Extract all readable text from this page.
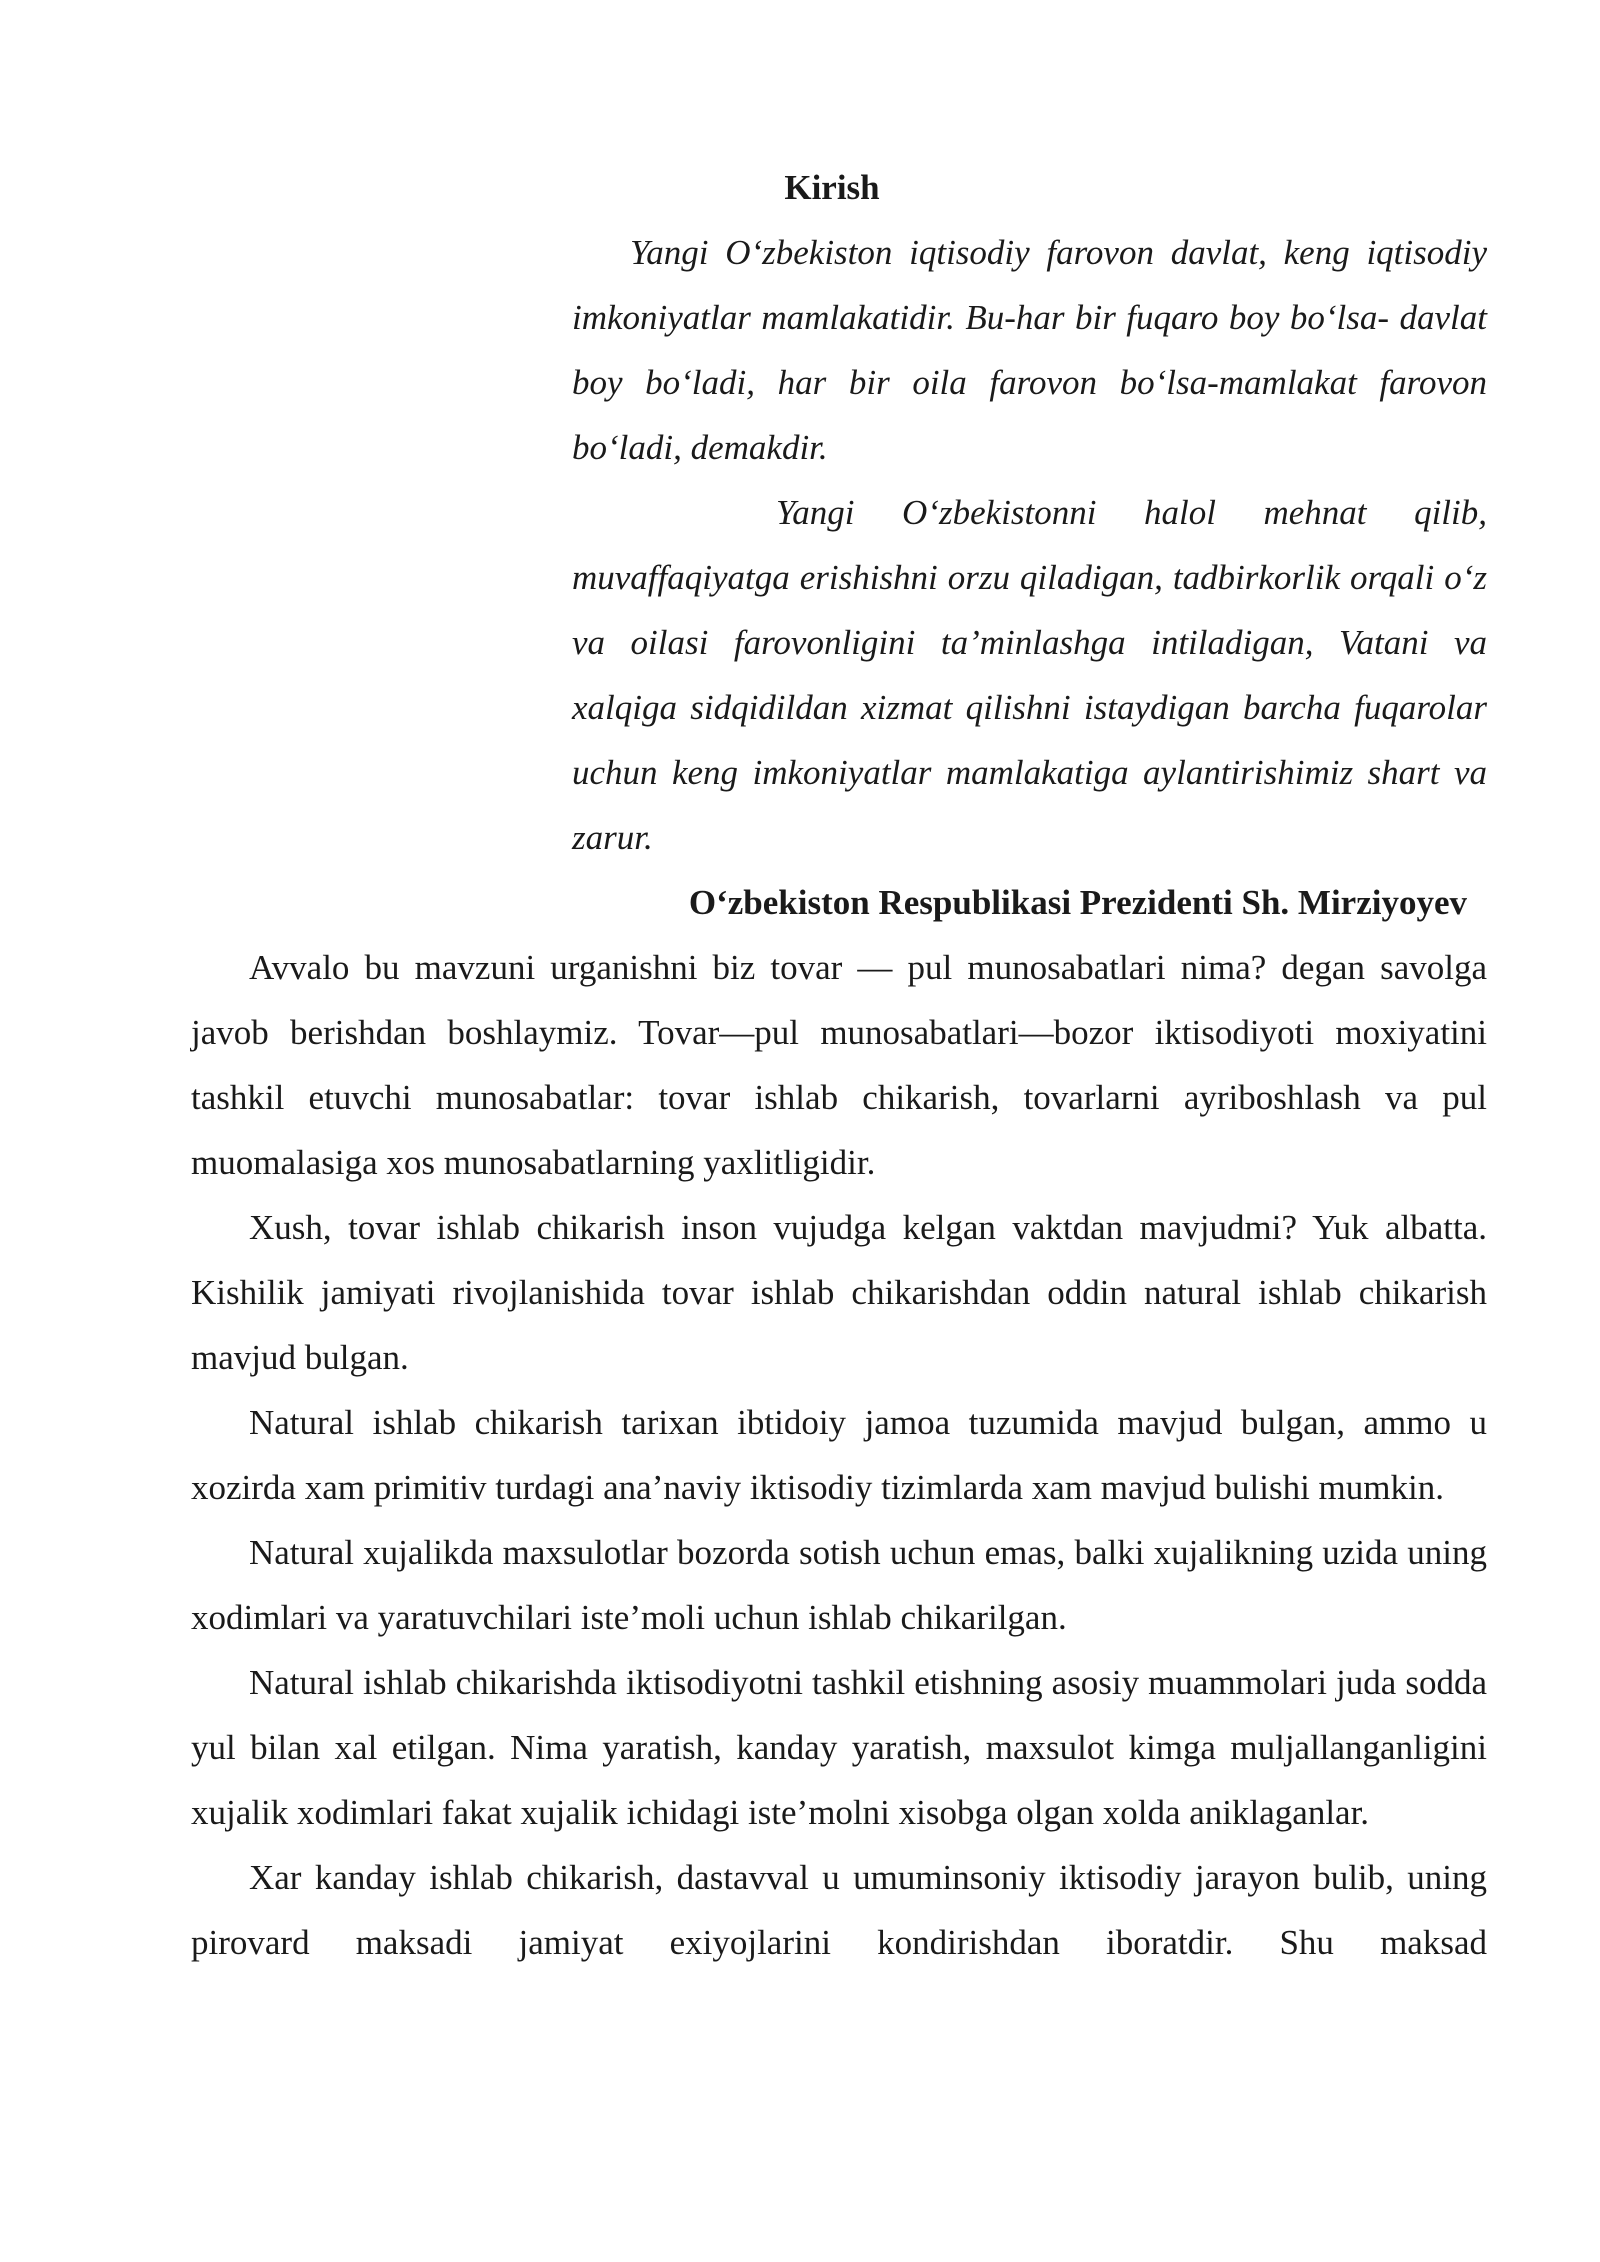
Kirish

Yangi O‘zbekiston iqtisodiy farovon davlat, keng iqtisodiy imkoniyatlar mamlakatidir. Bu-har bir fuqaro boy bo‘lsa- davlat boy bo‘ladi, har bir oila farovon bo‘lsa-mamlakat farovon bo‘ladi, demakdir.

Yangi O‘zbekistonni halol mehnat qilib, muvaffaqiyatga erishishni orzu qiladigan, tadbirkorlik orqali o‘z va oilasi farovonligini ta’minlashga intiladigan, Vatani va xalqiga sidqidildan xizmat qilishni istaydigan barcha fuqarolar uchun keng imkoniyatlar mamlakatiga aylantirishimiz shart va zarur.

O‘zbekiston Respublikasi Prezidenti Sh. Mirziyoyev

Avvalo bu mavzuni urganishni biz tovar — pul munosabatlari nima? degan savolga javob berishdan boshlaymiz. Tovar—pul munosabatlari—bozor iktisodiyoti moxiyatini tashkil etuvchi munosabatlar: tovar ishlab chikarish, tovarlarni ayriboshlash va pul muomalasiga xos munosabatlarning yaxlitligidir.

Xush, tovar ishlab chikarish inson vujudga kelgan vaktdan mavjudmi? Yuk albatta. Kishilik jamiyati rivojlanishida tovar ishlab chikarishdan oddin natural ishlab chikarish mavjud bulgan.

Natural ishlab chikarish tarixan ibtidoiy jamoa tuzumida mavjud bulgan, ammo u xozirda xam primitiv turdagi ana’naviy iktisodiy tizimlarda xam mavjud bulishi mumkin.

Natural xujalikda maxsulotlar bozorda sotish uchun emas, balki xujalikning uzida uning xodimlari va yaratuvchilari iste’moli uchun ishlab chikarilgan.

Natural ishlab chikarishda iktisodiyotni tashkil etishning asosiy muammolari juda sodda yul bilan xal etilgan. Nima yaratish, kanday yaratish, maxsulot kimga muljallanganligini xujalik xodimlari fakat xujalik ichidagi iste’molni xisobga olgan xolda aniklaganlar.

Xar kanday ishlab chikarish, dastavval u umuminsoniy iktisodiy jarayon bulib, uning pirovard maksadi jamiyat exiyojlarini kondirishdan iboratdir. Shu maksad
